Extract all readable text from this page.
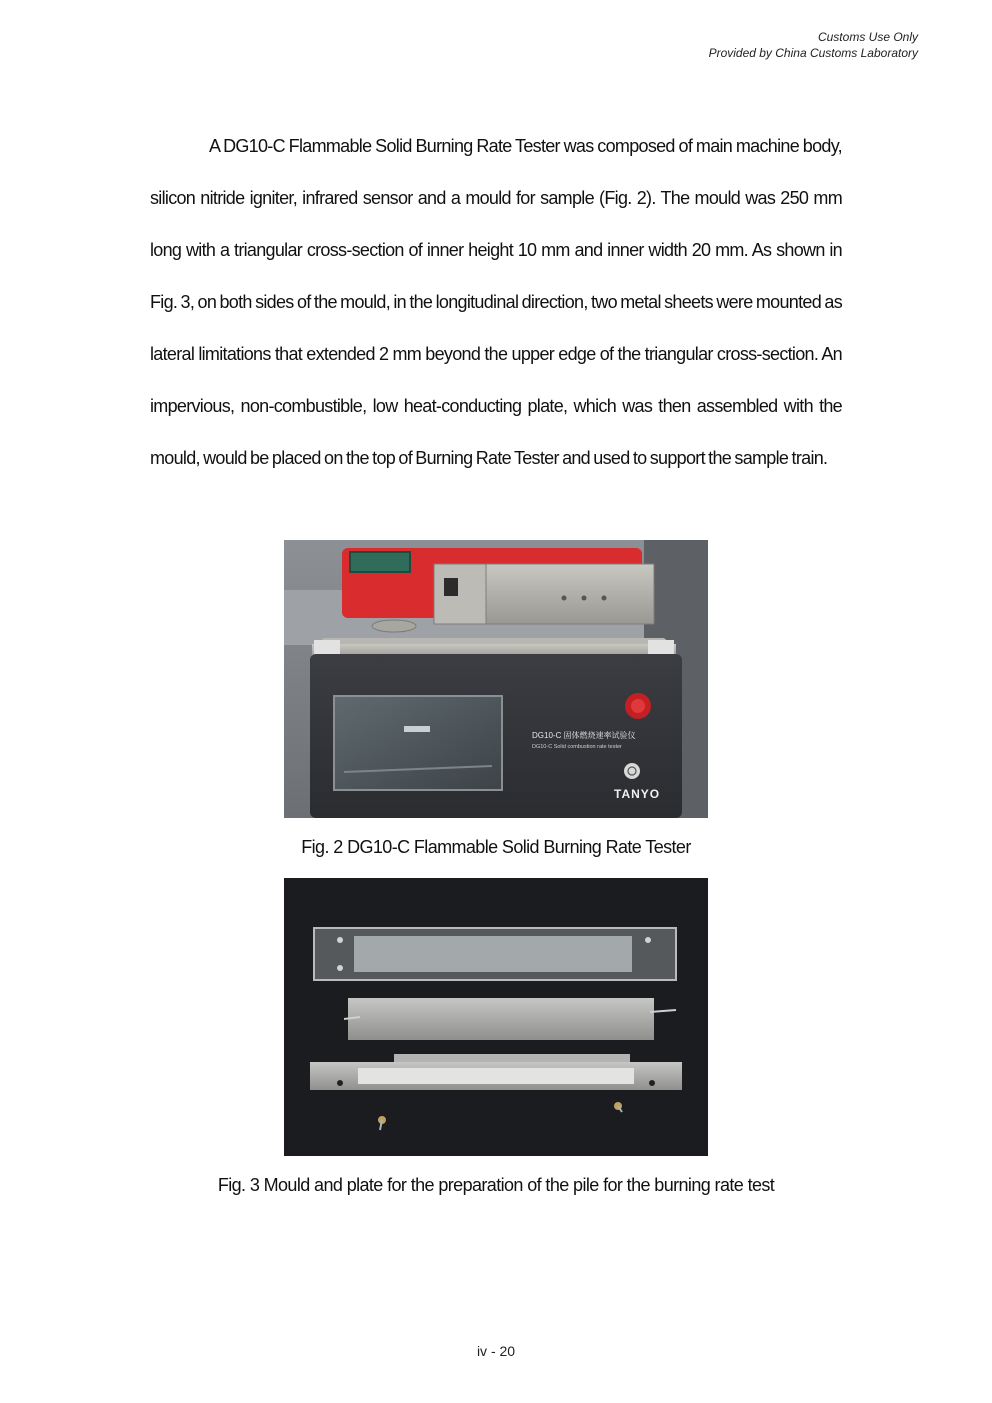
Customs Use Only
Provided by China Customs Laboratory

A DG10-C Flammable Solid Burning Rate Tester was composed of main machine body, silicon nitride igniter, infrared sensor and a mould for sample (Fig. 2). The mould was 250 mm long with a triangular cross-section of inner height 10 mm and inner width 20 mm. As shown in Fig. 3, on both sides of the mould, in the longitudinal direction, two metal sheets were mounted as lateral limitations that extended 2 mm beyond the upper edge of the triangular cross-section. An impervious, non-combustible, low heat-conducting plate, which was then assembled with the mould, would be placed on the top of Burning Rate Tester and used to support the sample train.

DG10-C 固体燃烧速率试验仪
DG10-C Solid combustion rate tester
TANYO
Fig. 2 DG10-C Flammable Solid Burning Rate Tester
Fig. 3 Mould and plate for the preparation of the pile for the burning rate test
iv - 20
